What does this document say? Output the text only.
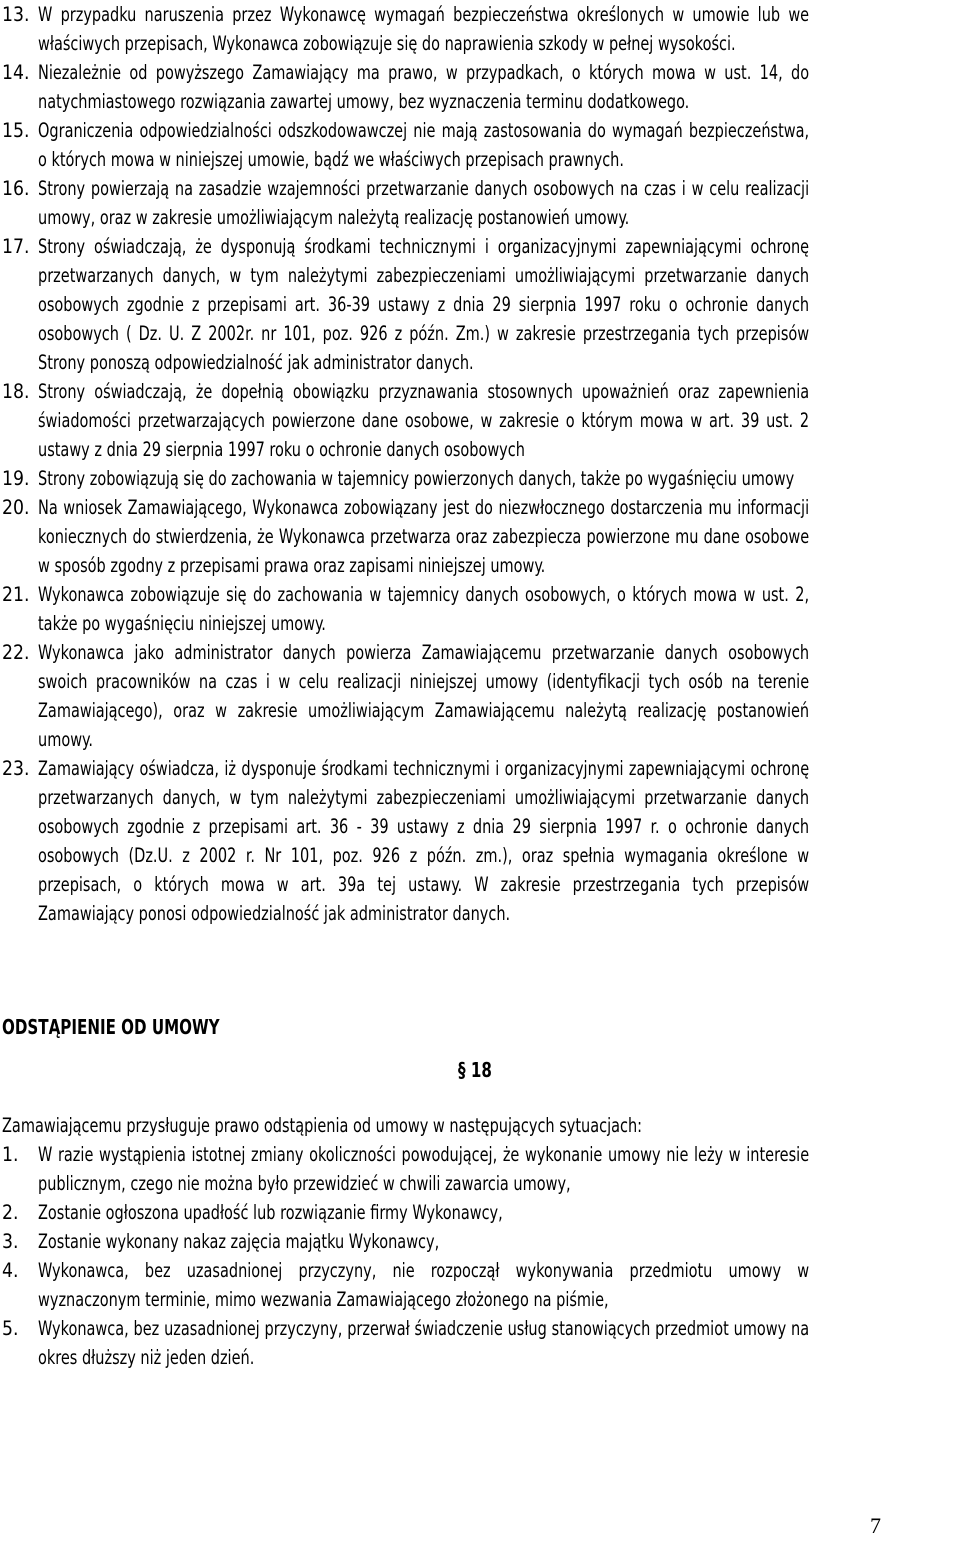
13. W przypadku naruszenia przez Wykonawcę wymagań bezpieczeństwa określonych w umowie lub we właściwych przepisach, Wykonawca zobowiązuje się do naprawienia szkody w pełnej wysokości.
14. Niezależnie od powyższego Zamawiający ma prawo, w przypadkach, o których mowa w ust. 14, do natychmiastowego rozwiązania zawartej umowy, bez wyznaczenia terminu dodatkowego.
15. Ograniczenia odpowiedzialności odszkodowawczej nie mają zastosowania do wymagań bezpieczeństwa, o których mowa w niniejszej umowie, bądź we właściwych przepisach prawnych.
16. Strony powierzają na zasadzie wzajemności przetwarzanie danych osobowych na czas i w celu realizacji umowy, oraz w zakresie umożliwiającym należytą realizację postanowień umowy.
17. Strony oświadczają, że dysponują środkami technicznymi i organizacyjnymi zapewniającymi ochronę przetwarzanych danych, w tym należytymi zabezpieczeniami umożliwiającymi przetwarzanie danych osobowych zgodnie z przepisami art. 36-39 ustawy z dnia 29 sierpnia 1997 roku o ochronie danych osobowych ( Dz. U. Z 2002r. nr 101, poz. 926 z późn. Zm.) w zakresie przestrzegania tych przepisów Strony ponoszą odpowiedzialność jak administrator danych.
18. Strony oświadczają, że dopełnią obowiązku przyznawania stosownych upoważnień oraz zapewnienia świadomości przetwarzających powierzone dane osobowe, w zakresie o którym mowa w art. 39 ust. 2 ustawy z dnia 29 sierpnia 1997 roku o ochronie danych osobowych
19. Strony zobowiązują się do zachowania w tajemnicy powierzonych danych, także po wygaśnięciu umowy
20. Na wniosek Zamawiającego, Wykonawca zobowiązany jest do niezwłocznego dostarczenia mu informacji koniecznych do stwierdzenia, że Wykonawca przetwarza oraz zabezpiecza powierzone mu dane osobowe w sposób zgodny z przepisami prawa oraz zapisami niniejszej umowy.
21. Wykonawca zobowiązuje się do zachowania w tajemnicy danych osobowych, o których mowa w ust. 2, także po wygaśnięciu niniejszej umowy.
22. Wykonawca jako administrator danych powierza Zamawiającemu przetwarzanie danych osobowych swoich pracowników na czas i w celu realizacji niniejszej umowy (identyfikacji tych osób na terenie Zamawiającego), oraz w zakresie umożliwiającym Zamawiającemu należytą realizację postanowień umowy.
23. Zamawiający oświadcza, iż dysponuje środkami technicznymi i organizacyjnymi zapewniającymi ochronę przetwarzanych danych, w tym należytymi zabezpieczeniami umożliwiającymi przetwarzanie danych osobowych zgodnie z przepisami art. 36 - 39 ustawy z dnia 29 sierpnia 1997 r. o ochronie danych osobowych (Dz.U. z 2002 r. Nr 101, poz. 926 z późn. zm.), oraz spełnia wymagania określone w przepisach, o których mowa w art. 39a tej ustawy. W zakresie przestrzegania tych przepisów Zamawiający ponosi odpowiedzialność jak administrator danych.
ODSTĄPIENIE OD UMOWY
§ 18
Zamawiającemu przysługuje prawo odstąpienia od umowy w następujących sytuacjach:
1.	W razie wystąpienia istotnej zmiany okoliczności powodującej, że wykonanie umowy nie leży w interesie publicznym, czego nie można było przewidzieć w chwili zawarcia umowy,
2.	Zostanie ogłoszona upadłość lub rozwiązanie firmy Wykonawcy,
3.	Zostanie wykonany nakaz zajęcia majątku Wykonawcy,
4.	Wykonawca, bez uzasadnionej przyczyny, nie rozpoczął wykonywania przedmiotu umowy w wyznaczonym terminie, mimo wezwania Zamawiającego złożonego na piśmie,
5.	Wykonawca, bez uzasadnionej przyczyny, przerwał świadczenie usług stanowiących przedmiot umowy na okres dłuższy niż jeden dzień.
7
